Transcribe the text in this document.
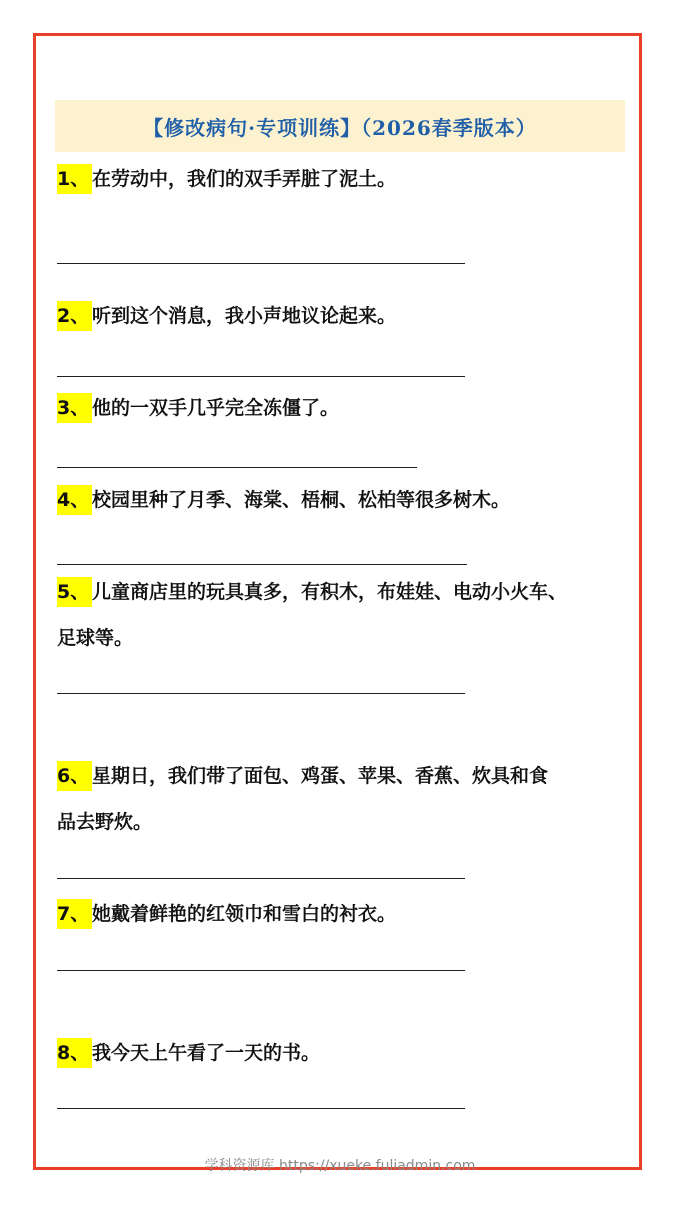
【修改病句·专项训练】（2026春季版本）
1、 在劳动中，我们的双手弄脏了泥土。
2、 听到这个消息，我小声地议论起来。
3、 他的一双手几乎完全冻僵了。
4、 校园里种了月季、海棠、梧桐、松柏等很多树木。
5、 儿童商店里的玩具真多，有积木，布娃娃、电动小火车、
足球等。
6、 星期日，我们带了面包、鸡蛋、苹果、香蕉、炊具和食
品去野炊。
7、 她戴着鲜艳的红领巾和雪白的衬衣。
8、 我今天上午看了一天的书。
学科资源库 https://xueke.fuliadmin.com
